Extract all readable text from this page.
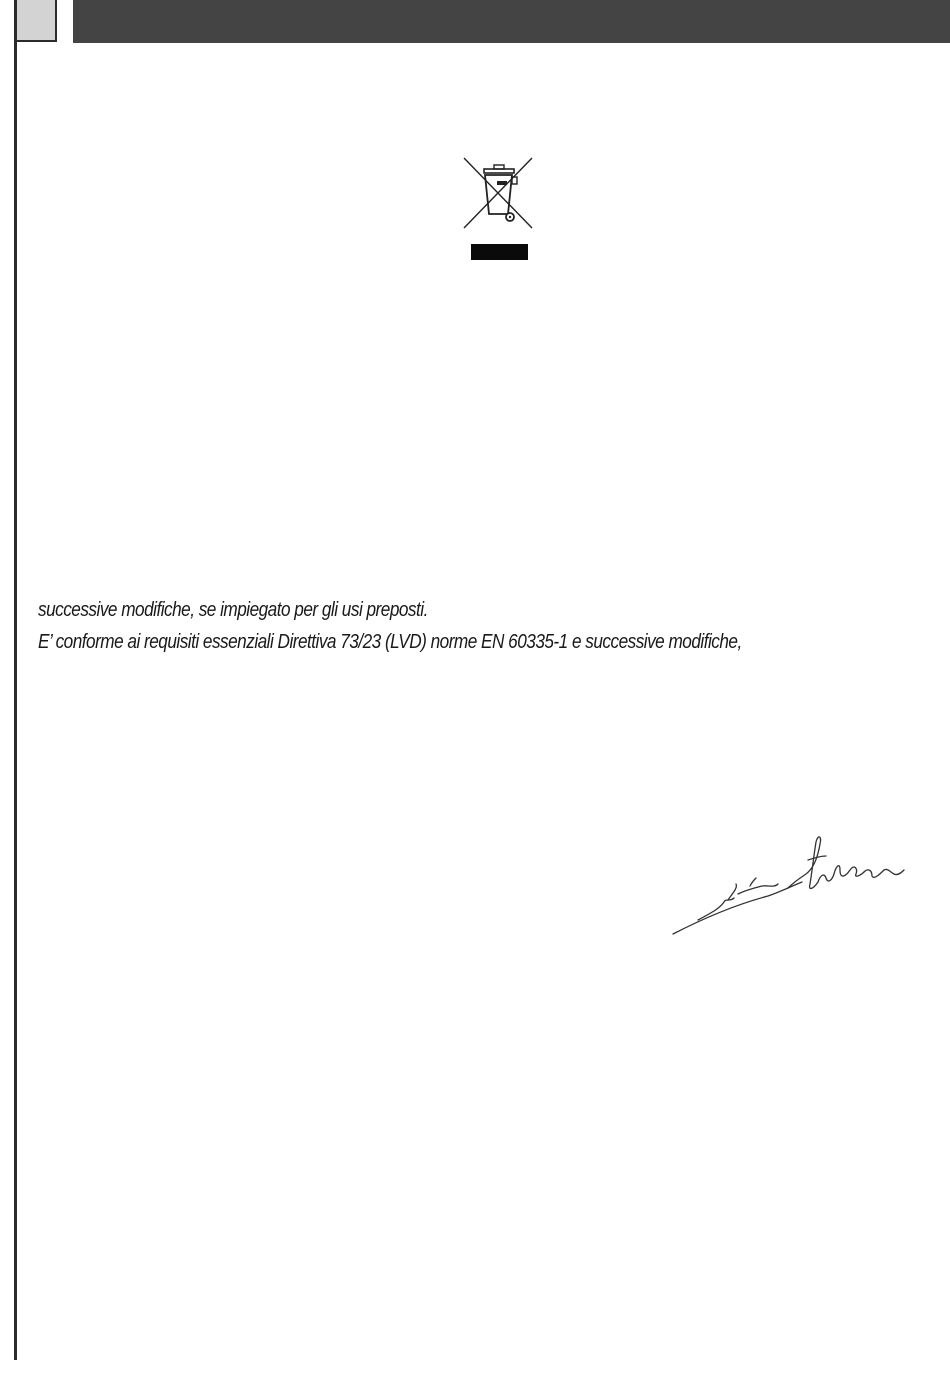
successive modifiche, se impiegato per gli usi preposti.
E’ conforme ai requisiti essenziali Direttiva 73/23 (LVD) norme EN 60335-1 e successive modifiche,
